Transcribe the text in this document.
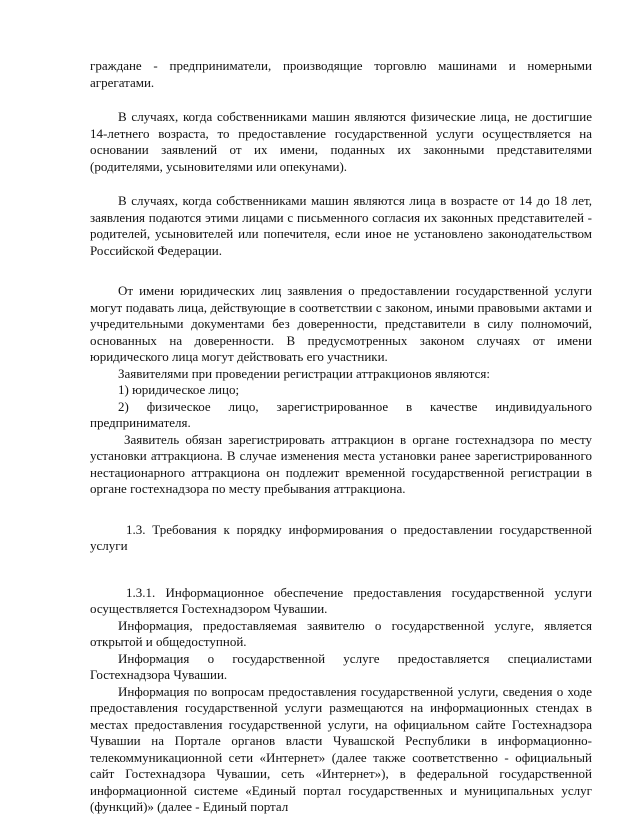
граждане - предприниматели, производящие торговлю машинами и номерными агрегатами.

В случаях, когда собственниками машин являются физические лица, не достигшие 14-летнего возраста, то предоставление государственной услуги осуществляется на основании заявлений от их имени, поданных их законными представителями (родителями, усыновителями или опекунами).

В случаях, когда собственниками машин являются лица в возрасте от 14 до 18 лет, заявления подаются этими лицами с письменного согласия их законных представителей - родителей, усыновителей или попечителя, если иное не установлено законодательством Российской Федерации.

От имени юридических лиц заявления о предоставлении государственной услуги могут подавать лица, действующие в соответствии с законом, иными правовыми актами и учредительными документами без доверенности, представители в силу полномочий, основанных на доверенности. В предусмотренных законом случаях от имени юридического лица могут действовать его участники.

Заявителями при проведении регистрации аттракционов являются:

1) юридическое лицо;

2) физическое лицо, зарегистрированное в качестве индивидуального предпринимателя.

Заявитель обязан зарегистрировать аттракцион в органе гостехнадзора по месту установки аттракциона. В случае изменения места установки ранее зарегистрированного нестационарного аттракциона он подлежит временной государственной регистрации в органе гостехнадзора по месту пребывания аттракциона.

1.3. Требования к порядку информирования о предоставлении государственной услуги

1.3.1. Информационное обеспечение предоставления государственной услуги осуществляется Гостехнадзором Чувашии.

Информация, предоставляемая заявителю о государственной услуге, является открытой и общедоступной.

Информация о государственной услуге предоставляется специалистами Гостехнадзора Чувашии.

Информация по вопросам предоставления государственной услуги, сведения о ходе предоставления государственной услуги размещаются на информационных стендах в местах предоставления государственной услуги, на официальном сайте Гостехнадзора Чувашии на Портале органов власти Чувашской Республики в информационно-телекоммуникационной сети «Интернет» (далее также соответственно - официальный сайт Гостехнадзора Чувашии, сеть «Интернет»), в федеральной государственной информационной системе «Единый портал государственных и муниципальных услуг (функций)» (далее - Единый портал
